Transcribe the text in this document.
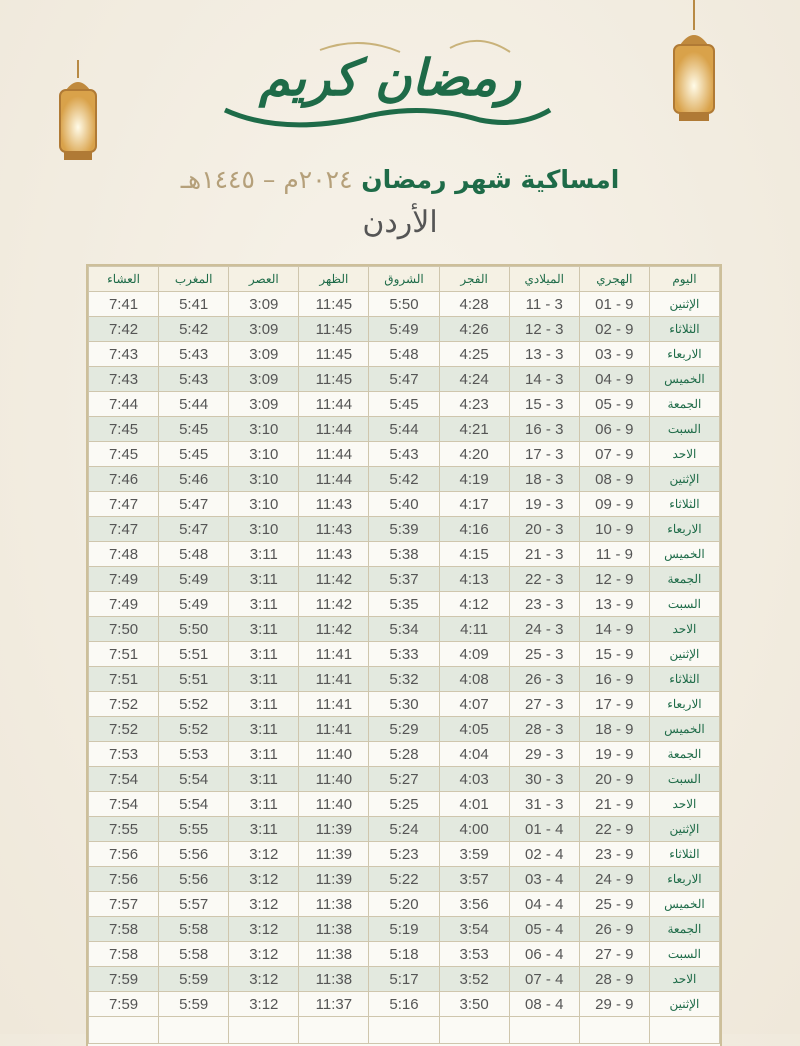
رمضان كريم
امساكية شهر رمضان ٢٠٢٤م – ١٤٤٥هـ
الأردن
اليوم	الهجري	الميلادي	الفجر	الشروق	الظهر	العصر	المغرب	العشاء
الإثنين	9 - 01	3 - 11	4:28	5:50	11:45	3:09	5:41	7:41
الثلاثاء	9 - 02	3 - 12	4:26	5:49	11:45	3:09	5:42	7:42
الاربعاء	9 - 03	3 - 13	4:25	5:48	11:45	3:09	5:43	7:43
الخميس	9 - 04	3 - 14	4:24	5:47	11:45	3:09	5:43	7:43
الجمعة	9 - 05	3 - 15	4:23	5:45	11:44	3:09	5:44	7:44
السبت	9 - 06	3 - 16	4:21	5:44	11:44	3:10	5:45	7:45
الاحد	9 - 07	3 - 17	4:20	5:43	11:44	3:10	5:45	7:45
الإثنين	9 - 08	3 - 18	4:19	5:42	11:44	3:10	5:46	7:46
الثلاثاء	9 - 09	3 - 19	4:17	5:40	11:43	3:10	5:47	7:47
الاربعاء	9 - 10	3 - 20	4:16	5:39	11:43	3:10	5:47	7:47
الخميس	9 - 11	3 - 21	4:15	5:38	11:43	3:11	5:48	7:48
الجمعة	9 - 12	3 - 22	4:13	5:37	11:42	3:11	5:49	7:49
السبت	9 - 13	3 - 23	4:12	5:35	11:42	3:11	5:49	7:49
الاحد	9 - 14	3 - 24	4:11	5:34	11:42	3:11	5:50	7:50
الإثنين	9 - 15	3 - 25	4:09	5:33	11:41	3:11	5:51	7:51
الثلاثاء	9 - 16	3 - 26	4:08	5:32	11:41	3:11	5:51	7:51
الاربعاء	9 - 17	3 - 27	4:07	5:30	11:41	3:11	5:52	7:52
الخميس	9 - 18	3 - 28	4:05	5:29	11:41	3:11	5:52	7:52
الجمعة	9 - 19	3 - 29	4:04	5:28	11:40	3:11	5:53	7:53
السبت	9 - 20	3 - 30	4:03	5:27	11:40	3:11	5:54	7:54
الاحد	9 - 21	3 - 31	4:01	5:25	11:40	3:11	5:54	7:54
الإثنين	9 - 22	4 - 01	4:00	5:24	11:39	3:11	5:55	7:55
الثلاثاء	9 - 23	4 - 02	3:59	5:23	11:39	3:12	5:56	7:56
الاربعاء	9 - 24	4 - 03	3:57	5:22	11:39	3:12	5:56	7:56
الخميس	9 - 25	4 - 04	3:56	5:20	11:38	3:12	5:57	7:57
الجمعة	9 - 26	4 - 05	3:54	5:19	11:38	3:12	5:58	7:58
السبت	9 - 27	4 - 06	3:53	5:18	11:38	3:12	5:58	7:58
الاحد	9 - 28	4 - 07	3:52	5:17	11:38	3:12	5:59	7:59
الإثنين	9 - 29	4 - 08	3:50	5:16	11:37	3:12	5:59	7:59
